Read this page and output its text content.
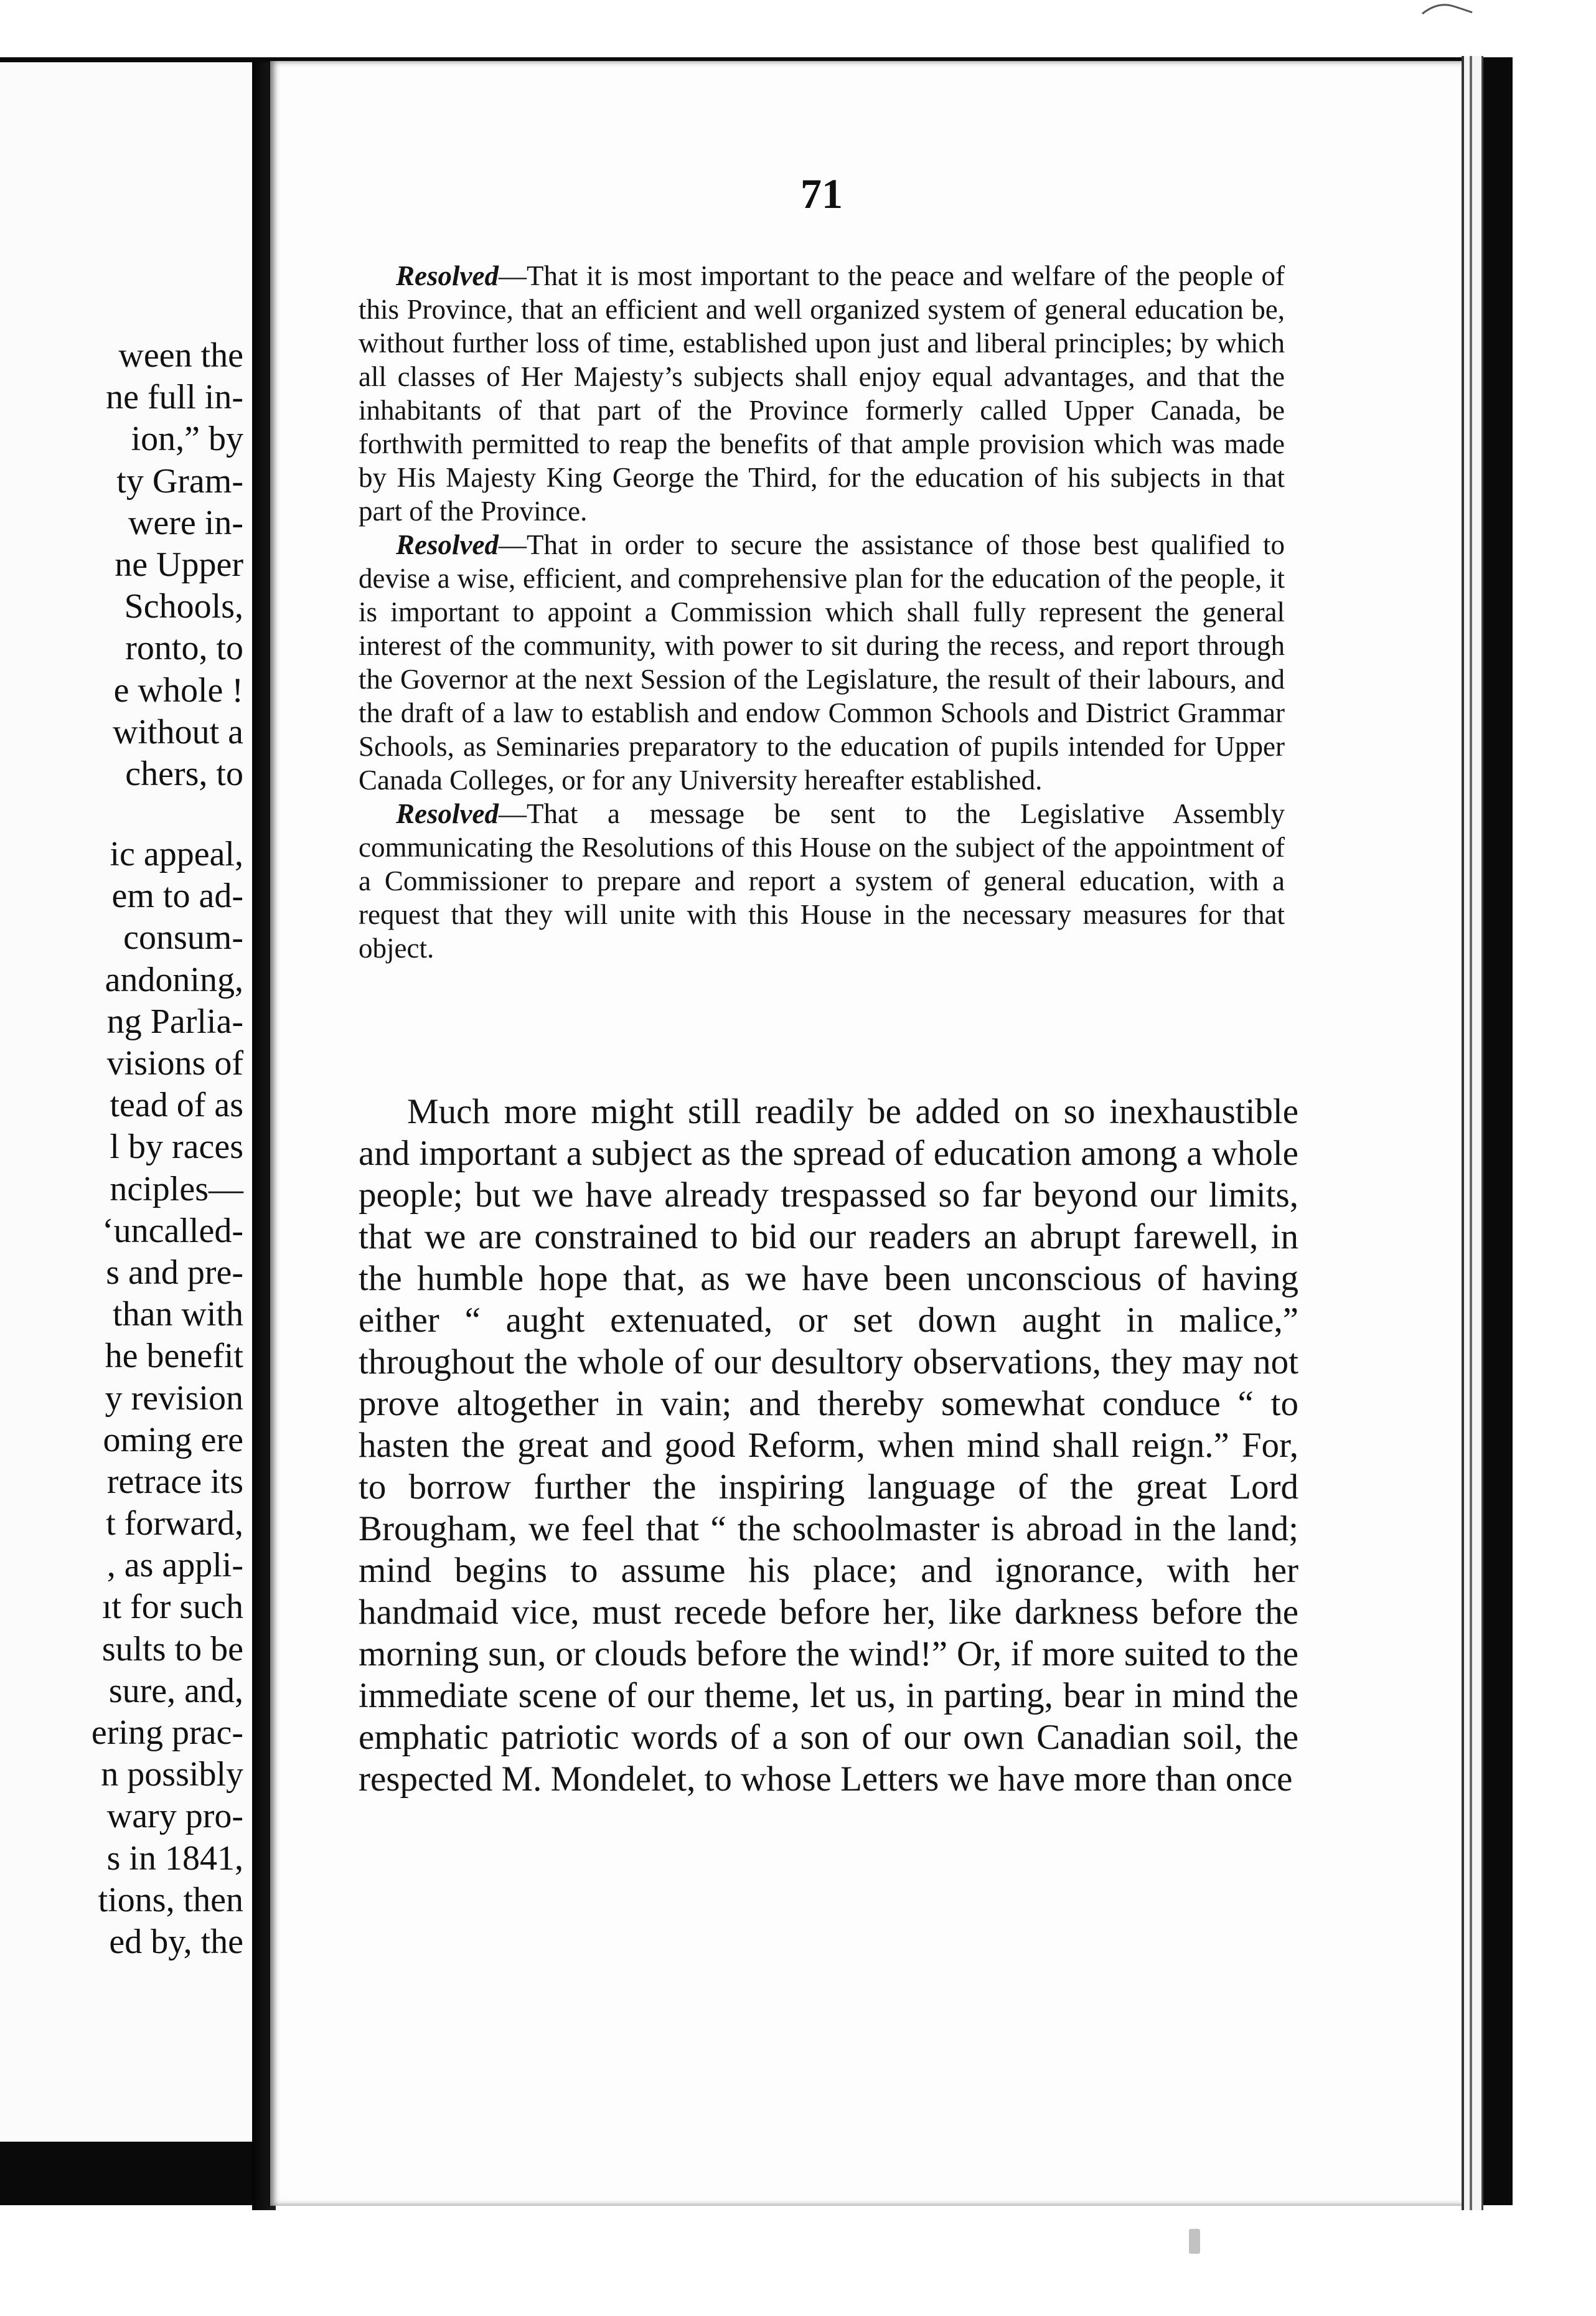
ween the
ne full in-
ion,” by
ty Gram-
were in-
ne Upper
Schools,
ronto, to
e whole !
without a
chers, to
ic appeal,
em to ad-
consum-
andoning,
ng Parlia-
visions of
tead of as
l by races
nciples—
‘uncalled-
s and pre-
than with
he benefit
y revision
oming ere
retrace its
t forward,
, as appli-
ıt for such
sults to be
sure, and,
ering prac-
n possibly
wary pro-
s in 1841,
tions, then
ed by, the
71

Resolved—That it is most important to the peace and welfare of the people of this Province, that an efficient and well organized system of general education be, without further loss of time, established upon just and liberal principles; by which all classes of Her Majesty’s subjects shall enjoy equal advantages, and that the inhabitants of that part of the Province formerly called Upper Canada, be forthwith permitted to reap the benefits of that ample provision which was made by His Majesty King George the Third, for the education of his subjects in that part of the Province.

Resolved—That in order to secure the assistance of those best qualified to devise a wise, efficient, and comprehensive plan for the education of the people, it is important to appoint a Commission which shall fully represent the general interest of the community, with power to sit during the recess, and report through the Governor at the next Session of the Legislature, the result of their labours, and the draft of a law to establish and endow Common Schools and District Grammar Schools, as Seminaries preparatory to the education of pupils intended for Upper Canada Colleges, or for any University hereafter established.

Resolved—That a message be sent to the Legislative Assembly communicating the Resolutions of this House on the subject of the appointment of a Commissioner to prepare and report a system of general education, with a request that they will unite with this House in the necessary measures for that object.

Much more might still readily be added on so inexhaustible and important a subject as the spread of education among a whole people; but we have already trespassed so far beyond our limits, that we are constrained to bid our readers an abrupt farewell, in the humble hope that, as we have been unconscious of having either “ aught extenuated, or set down aught in malice,” throughout the whole of our desultory observations, they may not prove altogether in vain; and thereby somewhat conduce “ to hasten the great and good Reform, when mind shall reign.” For, to borrow further the inspiring language of the great Lord Brougham, we feel that “ the schoolmaster is abroad in the land; mind begins to assume his place; and ignorance, with her handmaid vice, must recede before her, like darkness before the morning sun, or clouds before the wind!” Or, if more suited to the immediate scene of our theme, let us, in parting, bear in mind the emphatic patriotic words of a son of our own Canadian soil, the respected M. Mondelet, to whose Letters we have more than once
